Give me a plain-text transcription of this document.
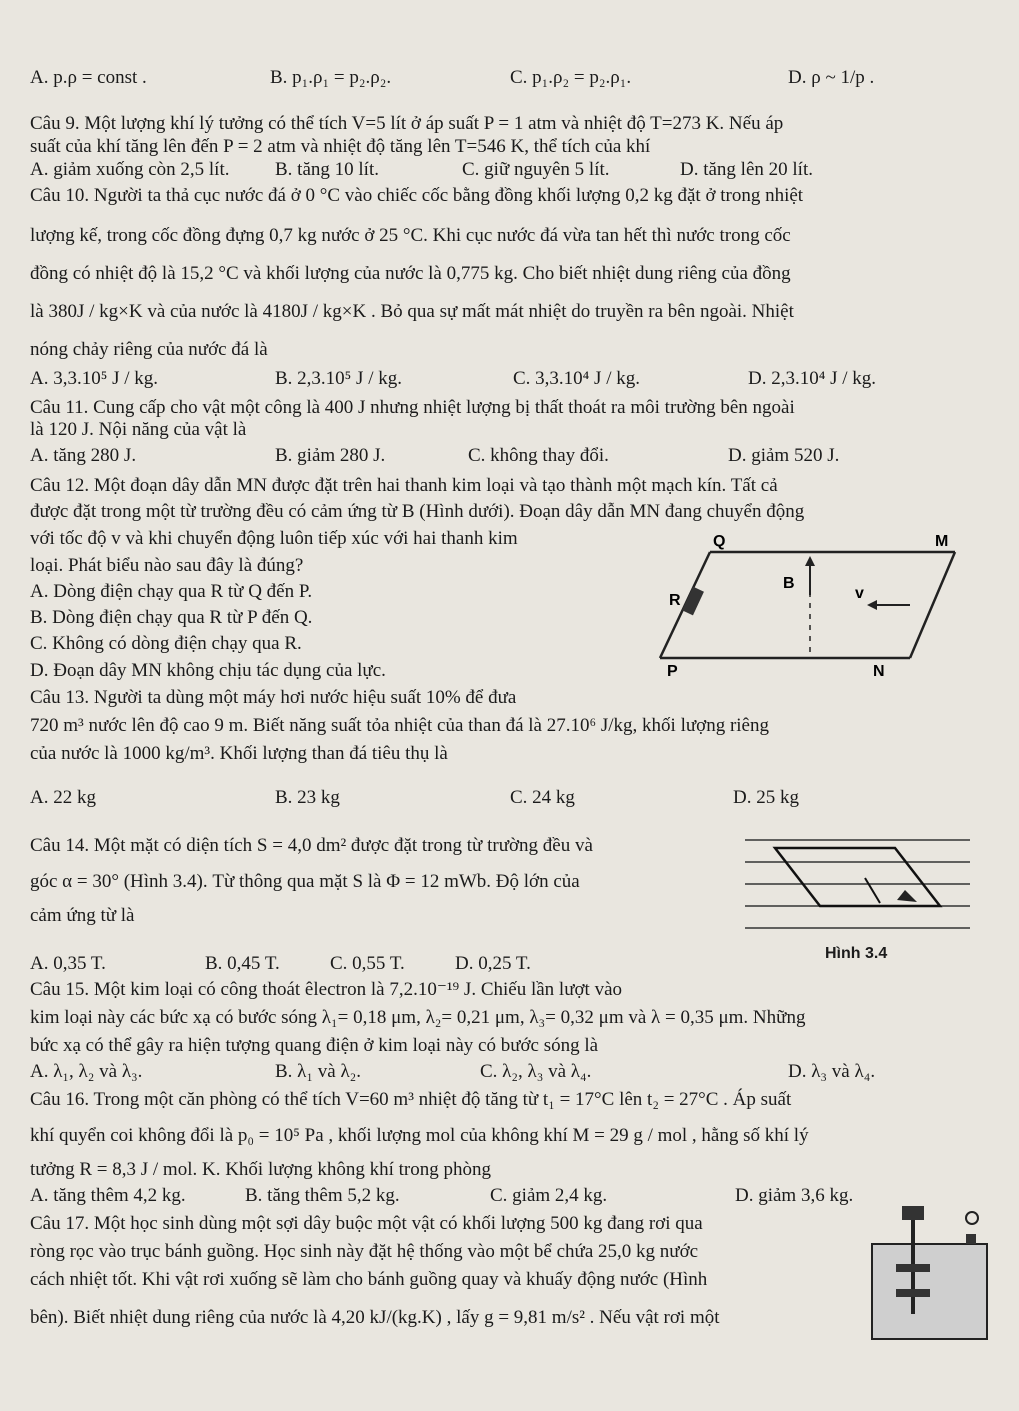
A. p.ρ = const .	B. p₁.ρ₁ = p₂.ρ₂.	C. p₁.ρ₂ = p₂.ρ₁.	D. ρ ~ 1/p .
Câu 9. Một lượng khí lý tưởng có thể tích V=5 lít ở áp suất P = 1 atm và nhiệt độ T=273 K. Nếu áp
suất của khí tăng lên đến P = 2 atm và nhiệt độ tăng lên T=546 K, thể tích của khí
A. giảm xuống còn 2,5 lít. B. tăng 10 lít.	C. giữ nguyên 5 lít.	D. tăng lên 20 lít.
Câu 10. Người ta thả cục nước đá ở 0 °C vào chiếc cốc bằng đồng khối lượng 0,2 kg đặt ở trong nhiệt
lượng kế, trong cốc đồng đựng 0,7 kg nước ở 25 °C. Khi cục nước đá vừa tan hết thì nước trong cốc
đồng có nhiệt độ là 15,2 °C và khối lượng của nước là 0,775 kg. Cho biết nhiệt dung riêng của đồng
là 380J / kg×K và của nước là 4180J / kg×K . Bỏ qua sự mất mát nhiệt do truyền ra bên ngoài. Nhiệt
nóng chảy riêng của nước đá là
A. 3,3.10⁵ J / kg.	B. 2,3.10⁵ J / kg.	C. 3,3.10⁴ J / kg.	D. 2,3.10⁴ J / kg.
Câu 11. Cung cấp cho vật một công là 400 J nhưng nhiệt lượng bị thất thoát ra môi trường bên ngoài
là 120 J. Nội năng của vật là
A. tăng 280 J.	B. giảm 280 J.	C. không thay đổi.	D. giảm 520 J.
Câu 12. Một đoạn dây dẫn MN được đặt trên hai thanh kim loại và tạo thành một mạch kín. Tất cả
được đặt trong một từ trường đều có cảm ứng từ B (Hình dưới). Đoạn dây dẫn MN đang chuyển động
với tốc độ v và khi chuyển động luôn tiếp xúc với hai thanh kim
loại. Phát biểu nào sau đây là đúng?
A. Dòng điện chạy qua R từ Q đến P.
B. Dòng điện chạy qua R từ P đến Q.
C. Không có dòng điện chạy qua R.
D. Đoạn dây MN không chịu tác dụng của lực.
Q	M
R
B
v
P	N
Câu 13. Người ta dùng một máy hơi nước hiệu suất 10% để đưa
720 m³ nước lên độ cao 9 m. Biết năng suất tỏa nhiệt của than đá là 27.10⁶ J/kg, khối lượng riêng
của nước là 1000 kg/m³. Khối lượng than đá tiêu thụ là
A. 22 kg	B. 23 kg	C. 24 kg	D. 25 kg
Câu 14. Một mặt có diện tích S = 4,0 dm² được đặt trong từ trường đều và
góc α = 30° (Hình 3.4). Từ thông qua mặt S là Φ = 12 mWb. Độ lớn của
cảm ứng từ là
A. 0,35 T.	B. 0,45 T.	C. 0,55 T.	D. 0,25 T.	Hình 3.4
Câu 15. Một kim loại có công thoát êlectron là 7,2.10⁻¹⁹ J. Chiếu lần lượt vào
kim loại này các bức xạ có bước sóng λ₁= 0,18 μm, λ₂= 0,21 μm, λ₃= 0,32 μm và λ = 0,35 μm. Những
bức xạ có thể gây ra hiện tượng quang điện ở kim loại này có bước sóng là
A. λ₁, λ₂ và λ₃.	B. λ₁ và λ₂.	C. λ₂, λ₃ và λ₄.	D. λ₃ và λ₄.
Câu 16. Trong một căn phòng có thể tích V=60 m³ nhiệt độ tăng từ t₁ = 17°C lên t₂ = 27°C . Áp suất
khí quyển coi không đổi là p₀ = 10⁵ Pa , khối lượng mol của không khí M = 29 g / mol , hằng số khí lý
tưởng R = 8,3 J / mol. K. Khối lượng không khí trong phòng
A. tăng thêm 4,2 kg.	B. tăng thêm 5,2 kg.	C. giảm 2,4 kg.	D. giảm 3,6 kg.
Câu 17. Một học sinh dùng một sợi dây buộc một vật có khối lượng 500 kg đang rơi qua
ròng rọc vào trục bánh guồng. Học sinh này đặt hệ thống vào một bể chứa 25,0 kg nước
cách nhiệt tốt. Khi vật rơi xuống sẽ làm cho bánh guồng quay và khuấy động nước (Hình
bên). Biết nhiệt dung riêng của nước là 4,20 kJ/(kg.K) , lấy g = 9,81 m/s² . Nếu vật rơi một
